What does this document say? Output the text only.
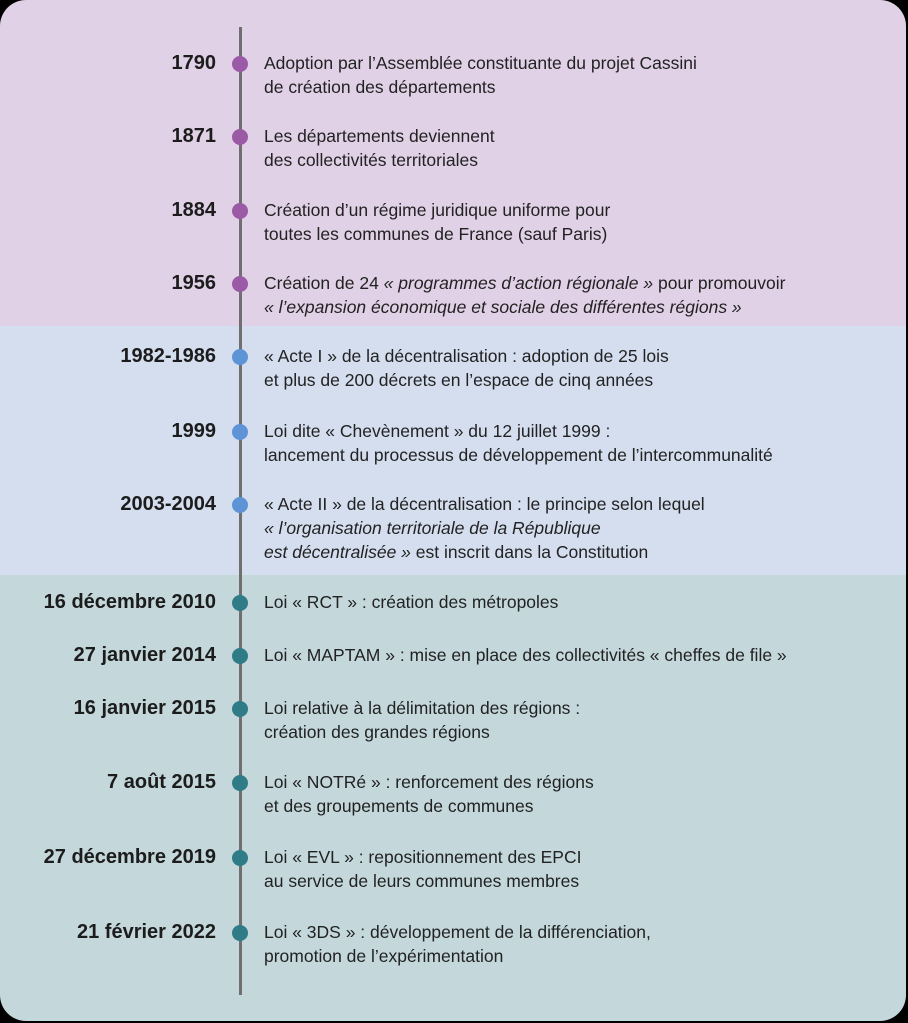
1790	Adoption par l’Assemblée constituante du projet Cassini
de création des départements
1871	Les départements deviennent
des collectivités territoriales
1884	Création d’un régime juridique uniforme pour
toutes les communes de France (sauf Paris)
1956	Création de 24 « programmes d’action régionale » pour promouvoir
« l’expansion économique et sociale des différentes régions »
1982-1986	« Acte I » de la décentralisation : adoption de 25 lois
et plus de 200 décrets en l’espace de cinq années
1999	Loi dite « Chevènement » du 12 juillet 1999 :
lancement du processus de développement de l’intercommunalité
2003-2004	« Acte II » de la décentralisation : le principe selon lequel
« l’organisation territoriale de la République
est décentralisée » est inscrit dans la Constitution
16 décembre 2010	Loi « RCT » : création des métropoles
27 janvier 2014	Loi « MAPTAM » : mise en place des collectivités « cheffes de file »
16 janvier 2015	Loi relative à la délimitation des régions :
création des grandes régions
7 août 2015	Loi « NOTRé » : renforcement des régions
et des groupements de communes
27 décembre 2019	Loi « EVL » : repositionnement des EPCI
au service de leurs communes membres
21 février 2022	Loi « 3DS » : développement de la différenciation,
promotion de l’expérimentation
